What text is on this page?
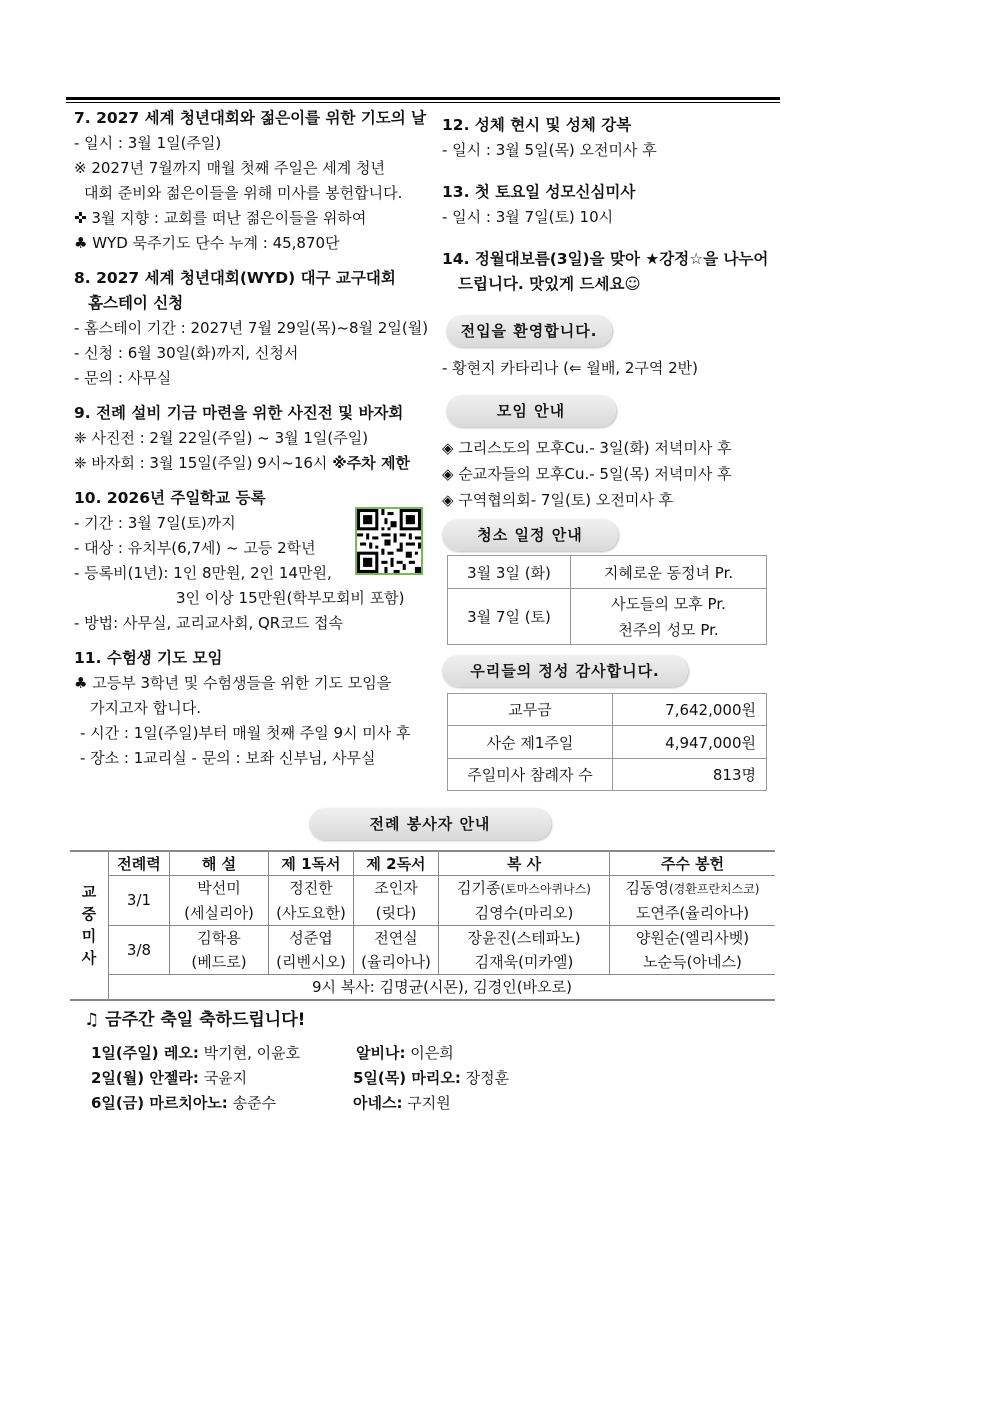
7. 2027 세계 청년대회와 젊은이를 위한 기도의 날

- 일시 : 3월 1일(주일)

※ 2027년 7월까지 매월 첫째 주일은 세계 청년

대회 준비와 젊은이들을 위해 미사를 봉헌합니다.

✜ 3월 지향 : 교회를 떠난 젊은이들을 위하여

♣ WYD 묵주기도 단수 누계 : 45,870단

8. 2027 세계 청년대회(WYD) 대구 교구대회

홈스테이 신청

- 홈스테이 기간 : 2027년 7월 29일(목)~8월 2일(월)

- 신청 : 6월 30일(화)까지, 신청서

- 문의 : 사무실

9. 전례 설비 기금 마련을 위한 사진전 및 바자회

❈ 사진전 : 2월 22일(주일) ~ 3월 1일(주일)

❈ 바자회 : 3월 15일(주일) 9시~16시 ※주차 제한

10. 2026년 주일학교 등록

- 기간 : 3월 7일(토)까지

- 대상 : 유치부(6,7세) ~ 고등 2학년

- 등록비(1년): 1인 8만원, 2인 14만원,

3인 이상 15만원(학부모회비 포함)

- 방법: 사무실, 교리교사회, QR코드 접속

11. 수험생 기도 모임

♣ 고등부 3학년 및 수험생들을 위한 기도 모임을

가지고자 합니다.

- 시간 : 1일(주일)부터 매월 첫째 주일 9시 미사 후

- 장소 : 1교리실 - 문의 : 보좌 신부님, 사무실

12. 성체 현시 및 성체 강복

- 일시 : 3월 5일(목) 오전미사 후

13. 첫 토요일 성모신심미사

- 일시 : 3월 7일(토) 10시

14. 정월대보름(3일)을 맞아 ★강정☆을 나누어

드립니다. 맛있게 드세요☺

전입을 환영합니다.

- 황현지 카타리나 (⇐ 월배, 2구역 2반)

모임 안내

◈ 그리스도의 모후Cu.- 3일(화) 저녁미사 후

◈ 순교자들의 모후Cu.- 5일(목) 저녁미사 후

◈ 구역협의회- 7일(토) 오전미사 후

청소 일정 안내
3월 3일 (화)	지혜로운 동정녀 Pr.
3월 7일 (토)	사도들의 모후 Pr.
천주의 성모 Pr.
우리들의 정성 감사합니다.
교무금	7,642,000원
사순 제1주일	4,947,000원
주일미사 참례자 수	813명
전례 봉사자 안내
교
중
미
사	전례력	해 설	제 1독서	제 2독서	복 사	주수 봉헌
	3/1	박선미	정진한	조인자	김기종(토마스아퀴나스)	김동영(경환프란치스코)
		(세실리아)	(사도요한)	(릿다)	김영수(마리오)	도연주(율리아나)
	3/8	김학용	성준엽	전연실	장윤진(스테파노)	양원순(엘리사벳)
		(베드로)	(리벤시오)	(율리아나)	김재욱(미카엘)	노순득(아네스)
	9시 복사: 김명균(시몬), 김경인(바오로)					

♫ 금주간 축일 축하드립니다!

1일(주일) 레오: 박기현, 이윤호	알비나: 이은희
2일(월) 안젤라: 국윤지	5일(목) 마리오: 장정훈
6일(금) 마르치아노: 송준수	아네스: 구지원
